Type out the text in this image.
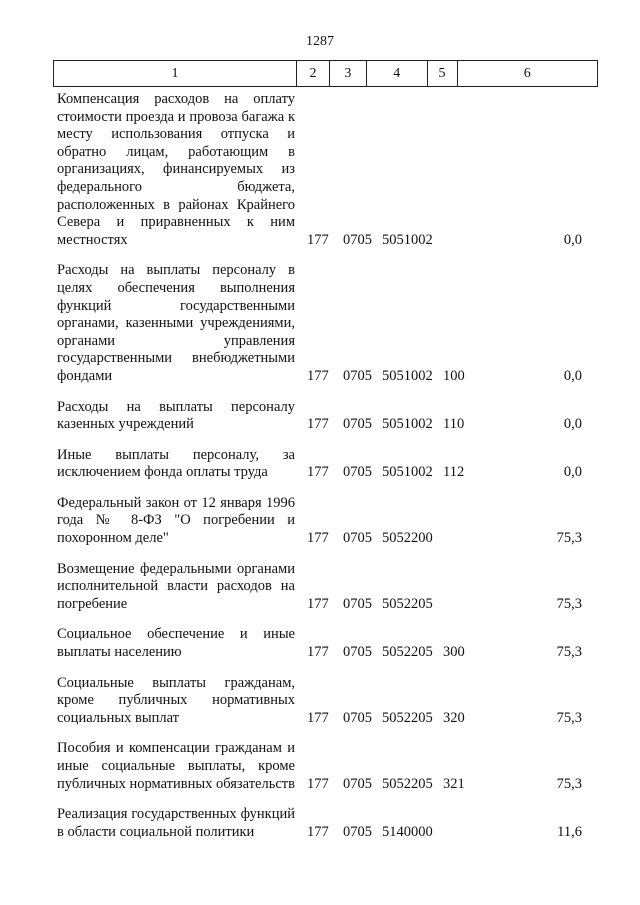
1287
1	2	3	4	5	6
Компенсация расходов на оплату стоимости проезда и провоза багажа к месту использования отпуска и обратно лицам, работающим в организациях, финансируемых из федерального бюджета, расположенных в районах Крайнего Севера и приравненных к ним местностях	177 0705 5051002	0,0
Расходы на выплаты персоналу в целях обеспечения выполнения функций государственными органами, казенными учреждениями, органами управления государственными внебюджетными фондами	177 0705 5051002 100	0,0
Расходы на выплаты персоналу казенных учреждений	177 0705 5051002 110	0,0
Иные выплаты персоналу, за исключением фонда оплаты труда	177 0705 5051002 112	0,0
Федеральный закон от 12 января 1996 года № 8-ФЗ "О погребении и похоронном деле"	177 0705 5052200	75,3
Возмещение федеральными органами исполнительной власти расходов на погребение	177 0705 5052205	75,3
Социальное обеспечение и иные выплаты населению	177 0705 5052205 300	75,3
Социальные выплаты гражданам, кроме публичных нормативных социальных выплат	177 0705 5052205 320	75,3
Пособия и компенсации гражданам и иные социальные выплаты, кроме публичных нормативных обязательств 177 0705 5052205 321	75,3
Реализация государственных функций в области социальной политики	177 0705 5140000	11,6
